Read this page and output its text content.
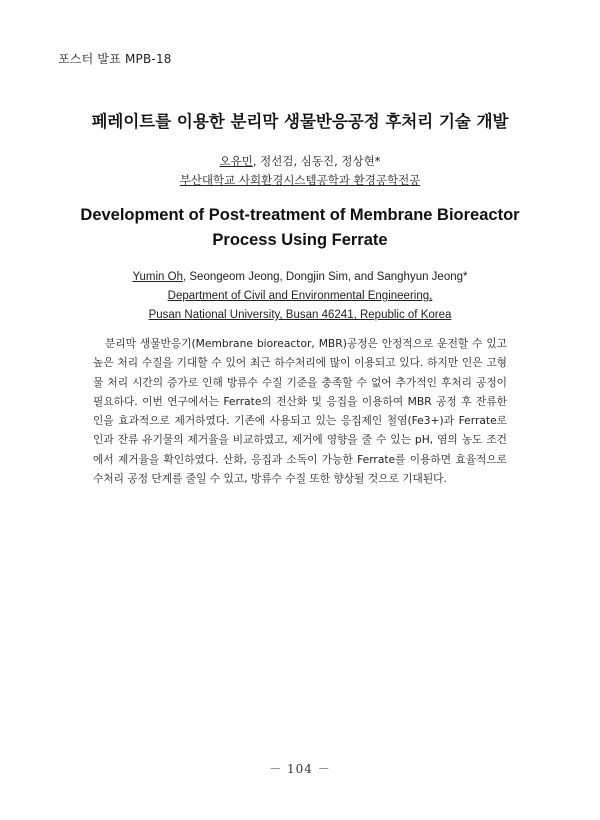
포스터 발표 MPB-18
페레이트를 이용한 분리막 생물반응공정 후처리 기술 개발
오유민, 정선검, 심동진, 정상현*
부산대학교 사회환경시스템공학과 환경공학전공
Development of Post-treatment of Membrane Bioreactor
Process Using Ferrate
Yumin Oh, Seongeom Jeong, Dongjin Sim, and Sanghyun Jeong*
Department of Civil and Environmental Engineering,
Pusan National University, Busan 46241, Republic of Korea

분리막 생물반응기(Membrane bioreactor, MBR)공정은 안정적으로 운전할 수 있고 높은 처리 수질을 기대할 수 있어 최근 하수처리에 많이 이용되고 있다. 하지만 인은 고형물 처리 시간의 증가로 인해 방류수 수질 기준을 충족할 수 없어 추가적인 후처리 공정이 필요하다. 이번 연구에서는 Ferrate의 전산화 및 응집을 이용하여 MBR 공정 후 잔류한 인을 효과적으로 제거하였다. 기존에 사용되고 있는 응집제인 철염(Fe3+)과 Ferrate로 인과 잔류 유기물의 제거율을 비교하였고, 제거에 영향을 줄 수 있는 pH, 염의 농도 조건에서 제거율을 확인하였다. 산화, 응집과 소독이 가능한 Ferrate를 이용하면 효율적으로 수처리 공정 단계를 줄일 수 있고, 방류수 수질 또한 향상될 것으로 기대된다.

－ 104 －
